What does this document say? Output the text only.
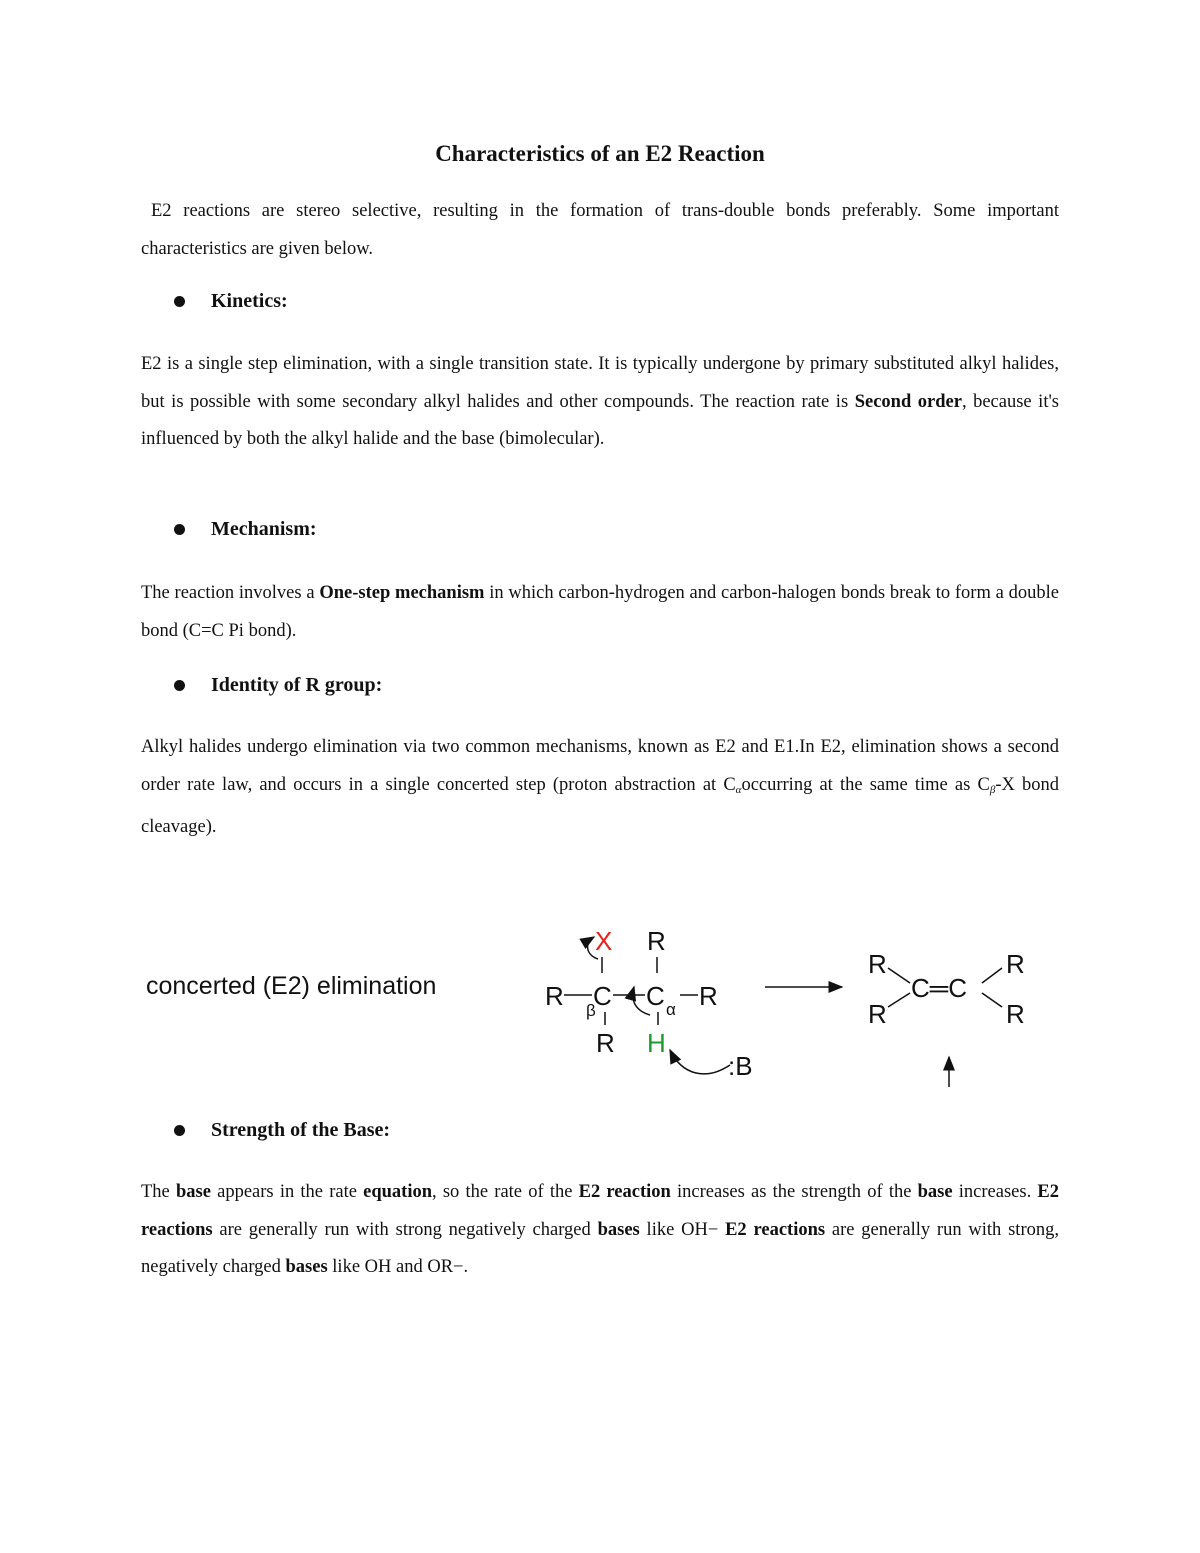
Characteristics of an E2 Reaction

E2 reactions are stereo selective, resulting in the formation of trans-double bonds preferably. Some important characteristics are given below.

Kinetics:

E2 is a single step elimination, with a single transition state. It is typically undergone by primary substituted alkyl halides, but is possible with some secondary alkyl halides and other compounds. The reaction rate is Second order, because it's influenced by both the alkyl halide and the base (bimolecular).

Mechanism:

The reaction involves a One-step mechanism in which carbon-hydrogen and carbon-halogen bonds break to form a double bond (C=C Pi bond).

Identity of R group:

Alkyl halides undergo elimination via two common mechanisms, known as E2 and E1.In E2, elimination shows a second order rate law, and occurs in a single concerted step (proton abstraction at $C_\alpha occurring$ at the same time as $C_\beta-X$ bond cleavage).

concerted (E2) elimination	R C
β C α R
X R
R H
:B
R
R
C═C
R
R
Strength of the Base:

The base appears in the rate equation, so the rate of the E2 reaction increases as the strength of the base increases. E2 reactions are generally run with strong negatively charged bases like OH− E2 reactions are generally run with strong, negatively charged bases like OH and OR−.
